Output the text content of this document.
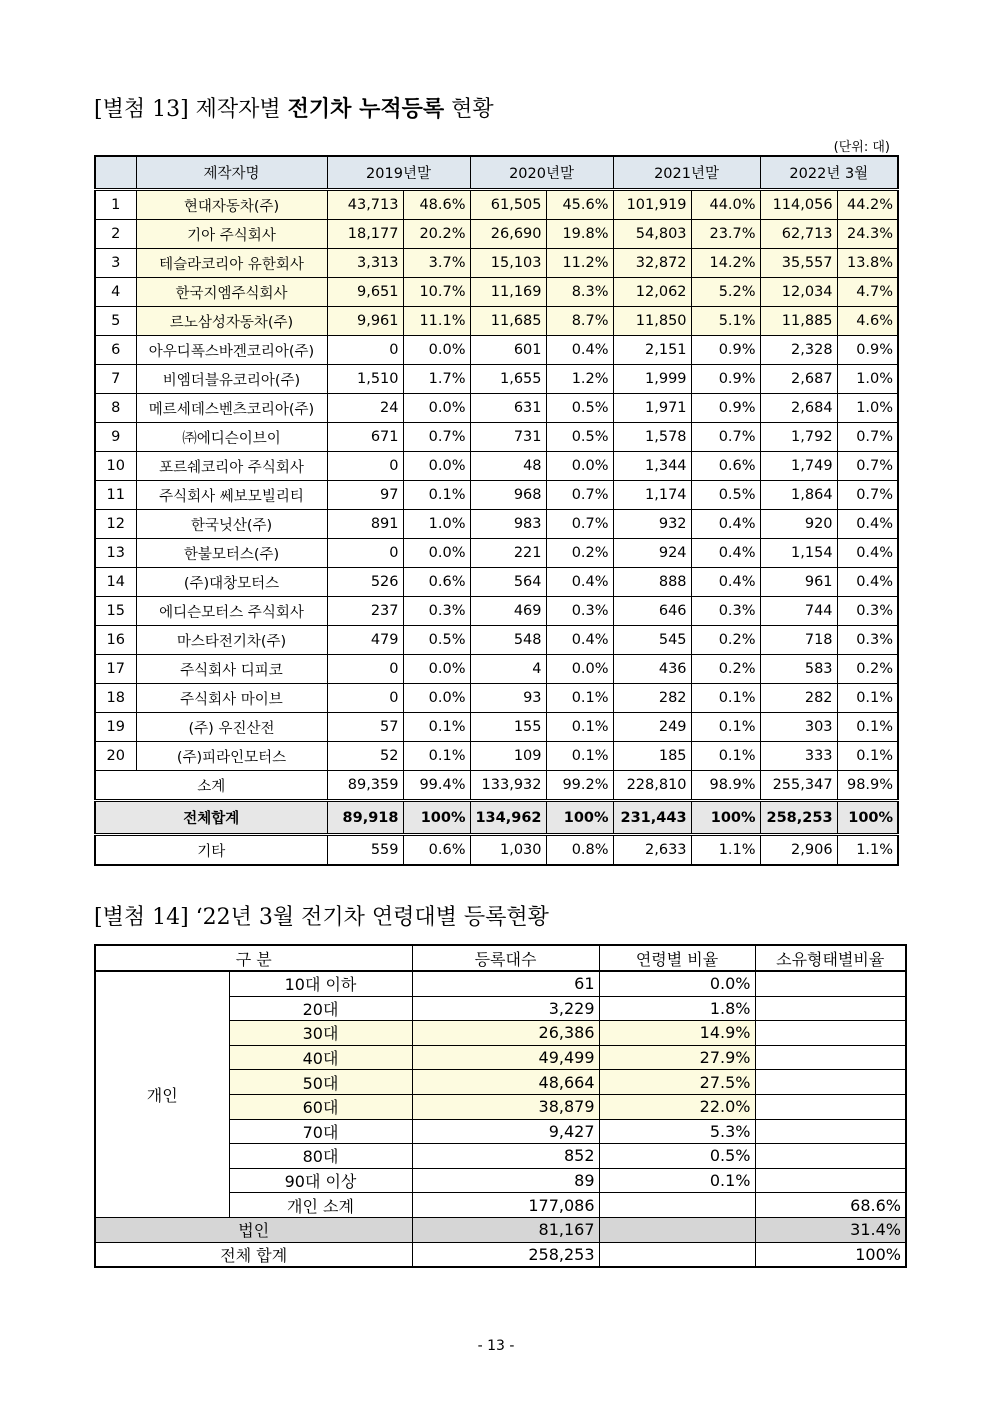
[별첨 13] 제작자별 전기차 누적등록 현황
(단위: 대)
	제작자명	2019년말		2020년말		2021년말		2022년 3월	
1	현대자동차(주)	43,713	48.6%	61,505	45.6%	101,919	44.0%	114,056	44.2%
2	기아 주식회사	18,177	20.2%	26,690	19.8%	54,803	23.7%	62,713	24.3%
3	테슬라코리아 유한회사	3,313	3.7%	15,103	11.2%	32,872	14.2%	35,557	13.8%
4	한국지엠주식회사	9,651	10.7%	11,169	8.3%	12,062	5.2%	12,034	4.7%
5	르노삼성자동차(주)	9,961	11.1%	11,685	8.7%	11,850	5.1%	11,885	4.6%
6	아우디폭스바겐코리아(주)	0	0.0%	601	0.4%	2,151	0.9%	2,328	0.9%
7	비엠더블유코리아(주)	1,510	1.7%	1,655	1.2%	1,999	0.9%	2,687	1.0%
8	메르세데스벤츠코리아(주)	24	0.0%	631	0.5%	1,971	0.9%	2,684	1.0%
9	㈜에디슨이브이	671	0.7%	731	0.5%	1,578	0.7%	1,792	0.7%
10	포르쉐코리아 주식회사	0	0.0%	48	0.0%	1,344	0.6%	1,749	0.7%
11	주식회사 쎄보모빌리티	97	0.1%	968	0.7%	1,174	0.5%	1,864	0.7%
12	한국닛산(주)	891	1.0%	983	0.7%	932	0.4%	920	0.4%
13	한불모터스(주)	0	0.0%	221	0.2%	924	0.4%	1,154	0.4%
14	(주)대창모터스	526	0.6%	564	0.4%	888	0.4%	961	0.4%
15	에디슨모터스 주식회사	237	0.3%	469	0.3%	646	0.3%	744	0.3%
16	마스타전기차(주)	479	0.5%	548	0.4%	545	0.2%	718	0.3%
17	주식회사 디피코	0	0.0%	4	0.0%	436	0.2%	583	0.2%
18	주식회사 마이브	0	0.0%	93	0.1%	282	0.1%	282	0.1%
19	(주) 우진산전	57	0.1%	155	0.1%	249	0.1%	303	0.1%
20	(주)피라인모터스	52	0.1%	109	0.1%	185	0.1%	333	0.1%
소계		89,359	99.4%	133,932	99.2%	228,810	98.9%	255,347	98.9%
전체합계		89,918	100%	134,962	100%	231,443	100%	258,253	100%
기타		559	0.6%	1,030	0.8%	2,633	1.1%	2,906	1.1%
[별첨 14] ‘22년 3월 전기차 연령대별 등록현황
구 분		등록대수	연령별 비율	소유형태별비율
개인	10대 이하	61	0.0%	
	20대	3,229	1.8%	
	30대	26,386	14.9%	
	40대	49,499	27.9%	
	50대	48,664	27.5%	
	60대	38,879	22.0%	
	70대	9,427	5.3%	
	80대	852	0.5%	
	90대 이상	89	0.1%	
	개인 소계	177,086		68.6%
법인		81,167		31.4%
전체 합계		258,253		100%
- 13 -
